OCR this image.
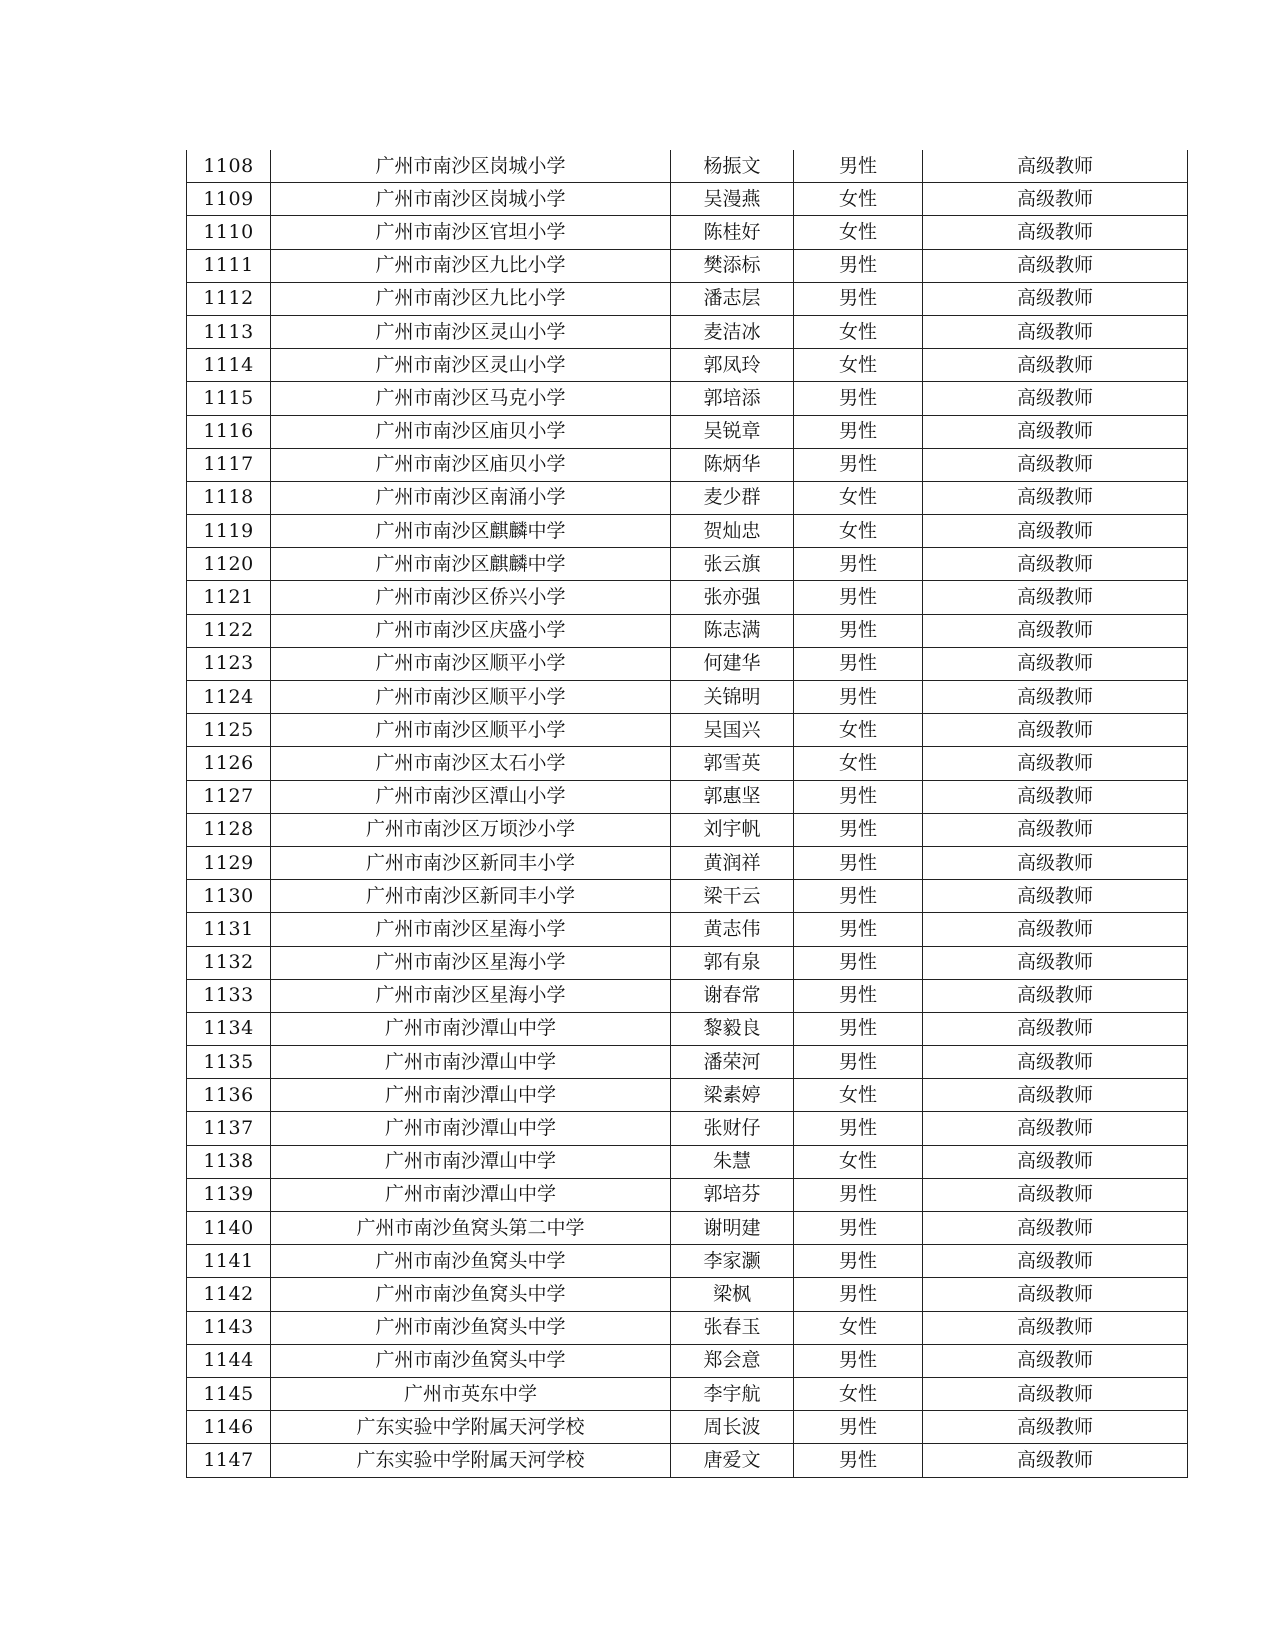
1108	广州市南沙区岗城小学	杨振文	男性	高级教师
1109	广州市南沙区岗城小学	吴漫燕	女性	高级教师
1110	广州市南沙区官坦小学	陈桂好	女性	高级教师
1111	广州市南沙区九比小学	樊添标	男性	高级教师
1112	广州市南沙区九比小学	潘志层	男性	高级教师
1113	广州市南沙区灵山小学	麦洁冰	女性	高级教师
1114	广州市南沙区灵山小学	郭凤玲	女性	高级教师
1115	广州市南沙区马克小学	郭培添	男性	高级教师
1116	广州市南沙区庙贝小学	吴锐章	男性	高级教师
1117	广州市南沙区庙贝小学	陈炳华	男性	高级教师
1118	广州市南沙区南涌小学	麦少群	女性	高级教师
1119	广州市南沙区麒麟中学	贺灿忠	女性	高级教师
1120	广州市南沙区麒麟中学	张云旗	男性	高级教师
1121	广州市南沙区侨兴小学	张亦强	男性	高级教师
1122	广州市南沙区庆盛小学	陈志满	男性	高级教师
1123	广州市南沙区顺平小学	何建华	男性	高级教师
1124	广州市南沙区顺平小学	关锦明	男性	高级教师
1125	广州市南沙区顺平小学	吴国兴	女性	高级教师
1126	广州市南沙区太石小学	郭雪英	女性	高级教师
1127	广州市南沙区潭山小学	郭惠坚	男性	高级教师
1128	广州市南沙区万顷沙小学	刘宇帆	男性	高级教师
1129	广州市南沙区新同丰小学	黄润祥	男性	高级教师
1130	广州市南沙区新同丰小学	梁干云	男性	高级教师
1131	广州市南沙区星海小学	黄志伟	男性	高级教师
1132	广州市南沙区星海小学	郭有泉	男性	高级教师
1133	广州市南沙区星海小学	谢春常	男性	高级教师
1134	广州市南沙潭山中学	黎毅良	男性	高级教师
1135	广州市南沙潭山中学	潘荣河	男性	高级教师
1136	广州市南沙潭山中学	梁素婷	女性	高级教师
1137	广州市南沙潭山中学	张财仔	男性	高级教师
1138	广州市南沙潭山中学	朱慧	女性	高级教师
1139	广州市南沙潭山中学	郭培芬	男性	高级教师
1140	广州市南沙鱼窝头第二中学	谢明建	男性	高级教师
1141	广州市南沙鱼窝头中学	李家灏	男性	高级教师
1142	广州市南沙鱼窝头中学	梁枫	男性	高级教师
1143	广州市南沙鱼窝头中学	张春玉	女性	高级教师
1144	广州市南沙鱼窝头中学	郑会意	男性	高级教师
1145	广州市英东中学	李宇航	女性	高级教师
1146	广东实验中学附属天河学校	周长波	男性	高级教师
1147	广东实验中学附属天河学校	唐爱文	男性	高级教师
